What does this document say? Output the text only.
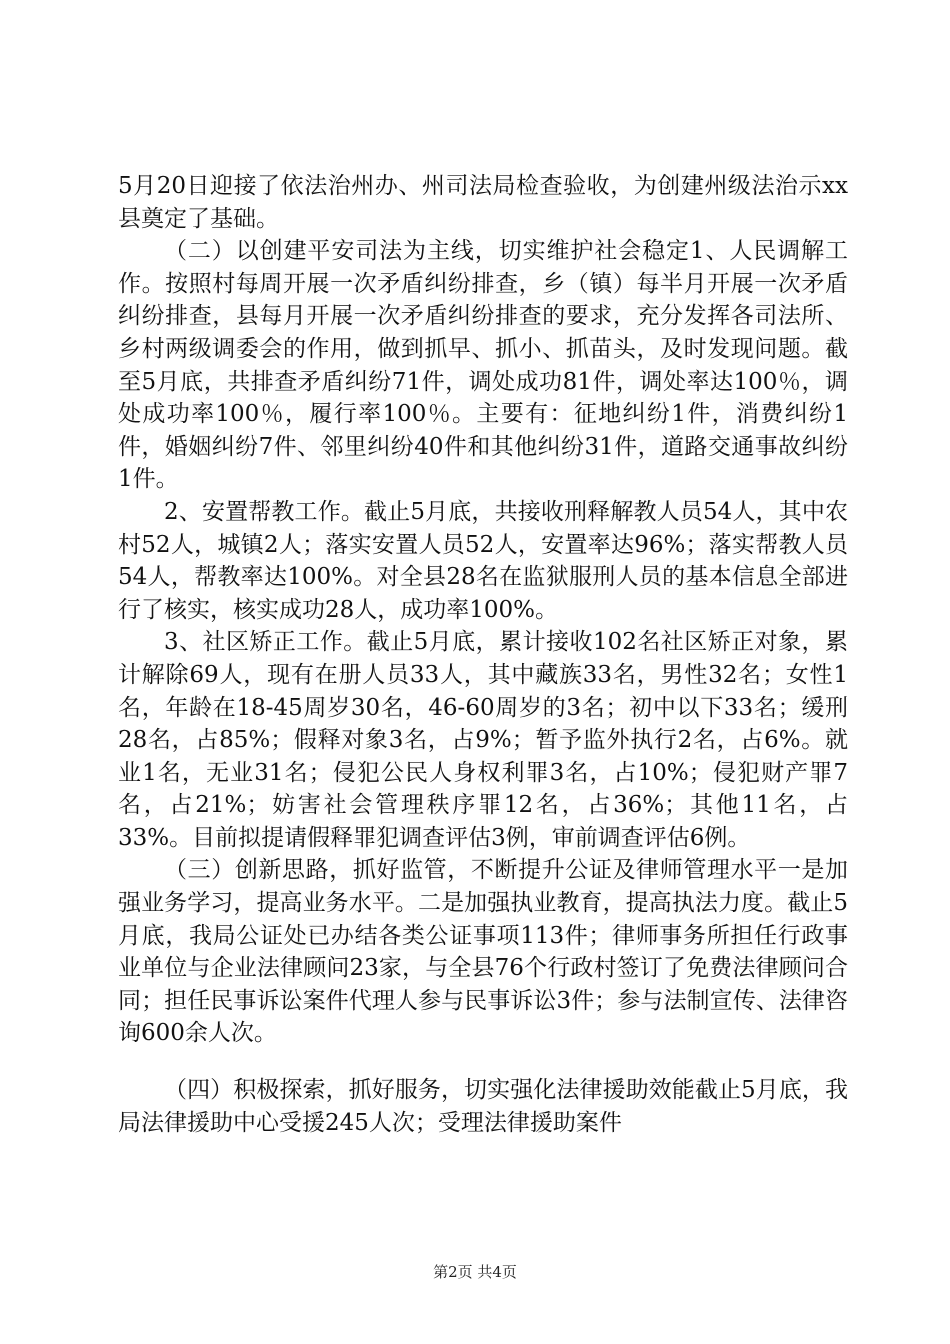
5月20日迎接了依法治州办、州司法局检查验收，为创建州级法治示xx县奠定了基础。

（二）以创建平安司法为主线，切实维护社会稳定1、人民调解工作。按照村每周开展一次矛盾纠纷排查，乡（镇）每半月开展一次矛盾纠纷排查，县每月开展一次矛盾纠纷排查的要求，充分发挥各司法所、乡村两级调委会的作用，做到抓早、抓小、抓苗头，及时发现问题。截至5月底，共排查矛盾纠纷71件，调处成功81件，调处率达100％，调处成功率100％，履行率100％。主要有：征地纠纷1件，消费纠纷1件，婚姻纠纷7件、邻里纠纷40件和其他纠纷31件，道路交通事故纠纷1件。

2、安置帮教工作。截止5月底，共接收刑释解教人员54人，其中农村52人，城镇2人；落实安置人员52人，安置率达96%；落实帮教人员54人，帮教率达100%。对全县28名在监狱服刑人员的基本信息全部进行了核实，核实成功28人，成功率100%。

3、社区矫正工作。截止5月底，累计接收102名社区矫正对象，累计解除69人，现有在册人员33人，其中藏族33名，男性32名；女性1名，年龄在18-45周岁30名，46-60周岁的3名；初中以下33名；缓刑28名，占85%；假释对象3名，占9%；暂予监外执行2名，占6%。就业1名，无业31名；侵犯公民人身权利罪3名，占10%；侵犯财产罪7名，占21%；妨害社会管理秩序罪12名，占36%；其他11名，占33%。目前拟提请假释罪犯调查评估3例，审前调查评估6例。

（三）创新思路，抓好监管，不断提升公证及律师管理水平一是加强业务学习，提高业务水平。二是加强执业教育，提高执法力度。截止5月底，我局公证处已办结各类公证事项113件；律师事务所担任行政事业单位与企业法律顾问23家，与全县76个行政村签订了免费法律顾问合同；担任民事诉讼案件代理人参与民事诉讼3件；参与法制宣传、法律咨询600余人次。

（四）积极探索，抓好服务，切实强化法律援助效能截止5月底，我局法律援助中心受援245人次；受理法律援助案件

第2页 共4页
